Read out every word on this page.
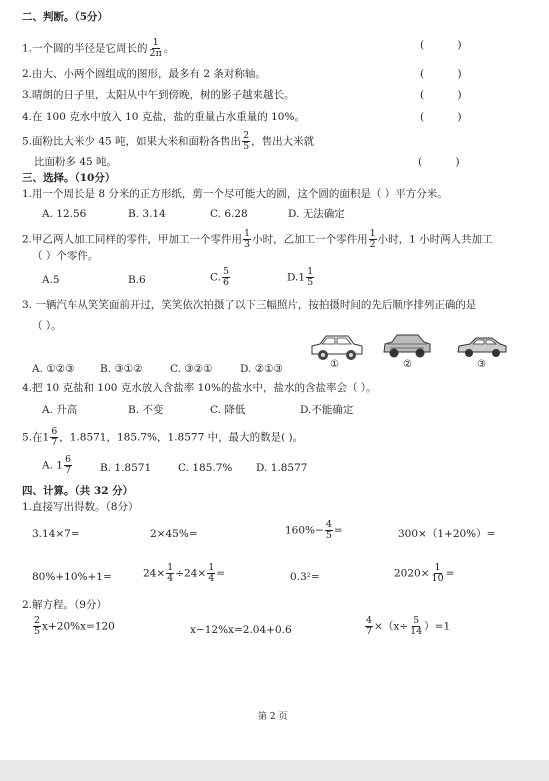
二、判断。（5分）
1.一个圆的半径是它周长的 $\frac{1}{2\pi}$ 。	(          )
2.由大、小两个圆组成的图形，最多有 2 条对称轴。	(          )
3.晴朗的日子里，太阳从中午到傍晚，树的影子越来越长。	(          )
4.在 100 克水中放入 10 克盐，盐的重量占水重量的 10%。	(          )
5.面粉比大米少 45 吨，如果大米和面粉各售出 $\frac{2}{5}$ ，售出大米就
比面粉多 45 吨。	(          )
三、选择。（10分）
1.用一个周长是 8 分米的正方形纸，剪一个尽可能大的圆，这个圆的面积是（ ）平方分米。
A. 12.56	B. 3.14	C. 6.28	D. 无法确定
2.甲乙两人加工同样的零件，甲加工一个零件用 $\frac{1}{3}$ 小时，乙加工一个零件用 $\frac{1}{2}$ 小时，1 小时两人共加工
（ ）个零件。
A.5	B.6	C. $\frac{5}{6}$	$D.1 \frac{1}{5}$
3. 一辆汽车从笑笑面前开过，笑笑依次拍摄了以下三幅照片，按拍摄时间的先后顺序排列正确的是
（ ）。
①	②	③
A. ①②③ B. ③①②	C. ③②①	D. ②①③
4.把 10 克盐和 100 克水放入含盐率 10%的盐水中，盐水的含盐率会（ ）。
A. 升高	B. 不变	C. 降低	D.不能确定
5.在$1 \frac{6}{7}$ ，1.8571，185.7%，1.8577 中，最大的数是( )。
A. $1 \frac{6}{7}$	B. 1.8571	C. 185.7% D. 1.8577
四、计算。（共 32 分）
1.直接写出得数。（8分）
3.14×7=	2×45%=	$160\%- \frac{4}{5}$ =	300×（1+20%）=
80%+10%+1=	$24\times \frac{1}{4} \div 24\times \frac{1}{4}$ =	0.3²=	$2020\times \frac{1}{10}$ =
2.解方程。（9分）
$\frac{2}{5} x+20\%x=120$	x−12%x=2.04+0.6	$\frac{4}{7} \times(x\div \frac{5}{14} )=1$
第 2 页
